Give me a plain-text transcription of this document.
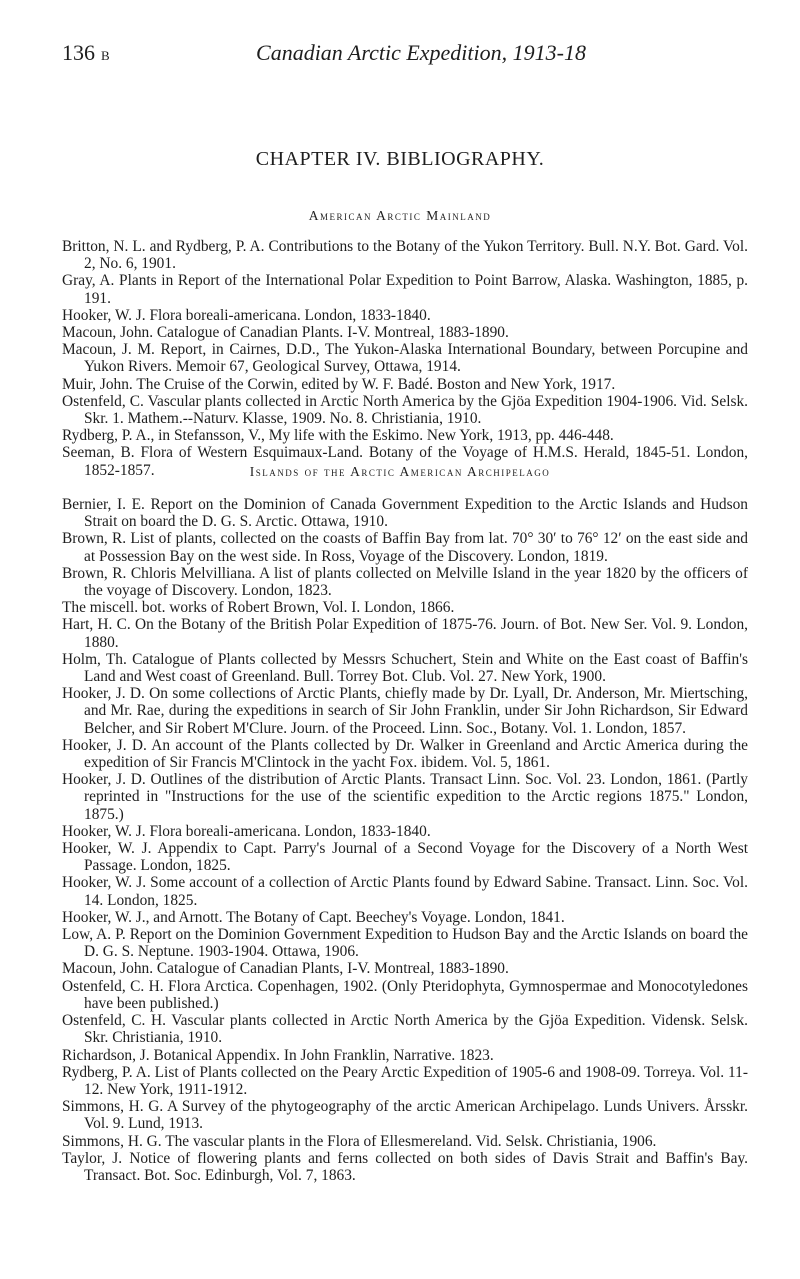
136 B	Canadian Arctic Expedition, 1913-18
CHAPTER IV. BIBLIOGRAPHY.
American Arctic Mainland
Britton, N. L. and Rydberg, P. A. Contributions to the Botany of the Yukon Territory. Bull. N.Y. Bot. Gard. Vol. 2, No. 6, 1901.
Gray, A. Plants in Report of the International Polar Expedition to Point Barrow, Alaska. Washington, 1885, p. 191.
Hooker, W. J. Flora boreali-americana. London, 1833-1840.
Macoun, John. Catalogue of Canadian Plants. I-V. Montreal, 1883-1890.
Macoun, J. M. Report, in Cairnes, D.D., The Yukon-Alaska International Boundary, between Porcupine and Yukon Rivers. Memoir 67, Geological Survey, Ottawa, 1914.
Muir, John. The Cruise of the Corwin, edited by W. F. Badé. Boston and New York, 1917.
Ostenfeld, C. Vascular plants collected in Arctic North America by the Gjöa Expedition 1904-1906. Vid. Selsk. Skr. 1. Mathem.--Naturv. Klasse, 1909. No. 8. Christiania, 1910.
Rydberg, P. A., in Stefansson, V., My life with the Eskimo. New York, 1913, pp. 446-448.
Seeman, B. Flora of Western Esquimaux-Land. Botany of the Voyage of H.M.S. Herald, 1845-51. London, 1852-1857.	Islands of the Arctic American Archipelago
Bernier, I. E. Report on the Dominion of Canada Government Expedition to the Arctic Islands and Hudson Strait on board the D. G. S. Arctic. Ottawa, 1910.
Brown, R. List of plants, collected on the coasts of Baffin Bay from lat. 70° 30′ to 76° 12′ on the east side and at Possession Bay on the west side. In Ross, Voyage of the Discovery. London, 1819.
Brown, R. Chloris Melvilliana. A list of plants collected on Melville Island in the year 1820 by the officers of the voyage of Discovery. London, 1823.
The miscell. bot. works of Robert Brown, Vol. I. London, 1866.
Hart, H. C. On the Botany of the British Polar Expedition of 1875-76. Journ. of Bot. New Ser. Vol. 9. London, 1880.
Holm, Th. Catalogue of Plants collected by Messrs Schuchert, Stein and White on the East coast of Baffin's Land and West coast of Greenland. Bull. Torrey Bot. Club. Vol. 27. New York, 1900.
Hooker, J. D. On some collections of Arctic Plants, chiefly made by Dr. Lyall, Dr. Anderson, Mr. Miertsching, and Mr. Rae, during the expeditions in search of Sir John Franklin, under Sir John Richardson, Sir Edward Belcher, and Sir Robert M'Clure. Journ. of the Proceed. Linn. Soc., Botany. Vol. 1. London, 1857.
Hooker, J. D. An account of the Plants collected by Dr. Walker in Greenland and Arctic America during the expedition of Sir Francis M'Clintock in the yacht Fox. ibidem. Vol. 5, 1861.
Hooker, J. D. Outlines of the distribution of Arctic Plants. Transact Linn. Soc. Vol. 23. London, 1861. (Partly reprinted in "Instructions for the use of the scientific expedition to the Arctic regions 1875." London, 1875.)
Hooker, W. J. Flora boreali-americana. London, 1833-1840.
Hooker, W. J. Appendix to Capt. Parry's Journal of a Second Voyage for the Discovery of a North West Passage. London, 1825.
Hooker, W. J. Some account of a collection of Arctic Plants found by Edward Sabine. Transact. Linn. Soc. Vol. 14. London, 1825.
Hooker, W. J., and Arnott. The Botany of Capt. Beechey's Voyage. London, 1841.
Low, A. P. Report on the Dominion Government Expedition to Hudson Bay and the Arctic Islands on board the D. G. S. Neptune. 1903-1904. Ottawa, 1906.
Macoun, John. Catalogue of Canadian Plants, I-V. Montreal, 1883-1890.
Ostenfeld, C. H. Flora Arctica. Copenhagen, 1902. (Only Pteridophyta, Gymnospermae and Monocotyledones have been published.)
Ostenfeld, C. H. Vascular plants collected in Arctic North America by the Gjöa Expedition. Vidensk. Selsk. Skr. Christiania, 1910.
Richardson, J. Botanical Appendix. In John Franklin, Narrative. 1823.
Rydberg, P. A. List of Plants collected on the Peary Arctic Expedition of 1905-6 and 1908-09. Torreya. Vol. 11-12. New York, 1911-1912.
Simmons, H. G. A Survey of the phytogeography of the arctic American Archipelago. Lunds Univers. Årsskr. Vol. 9. Lund, 1913.
Simmons, H. G. The vascular plants in the Flora of Ellesmereland. Vid. Selsk. Christiania, 1906.
Taylor, J. Notice of flowering plants and ferns collected on both sides of Davis Strait and Baffin's Bay. Transact. Bot. Soc. Edinburgh, Vol. 7, 1863.
